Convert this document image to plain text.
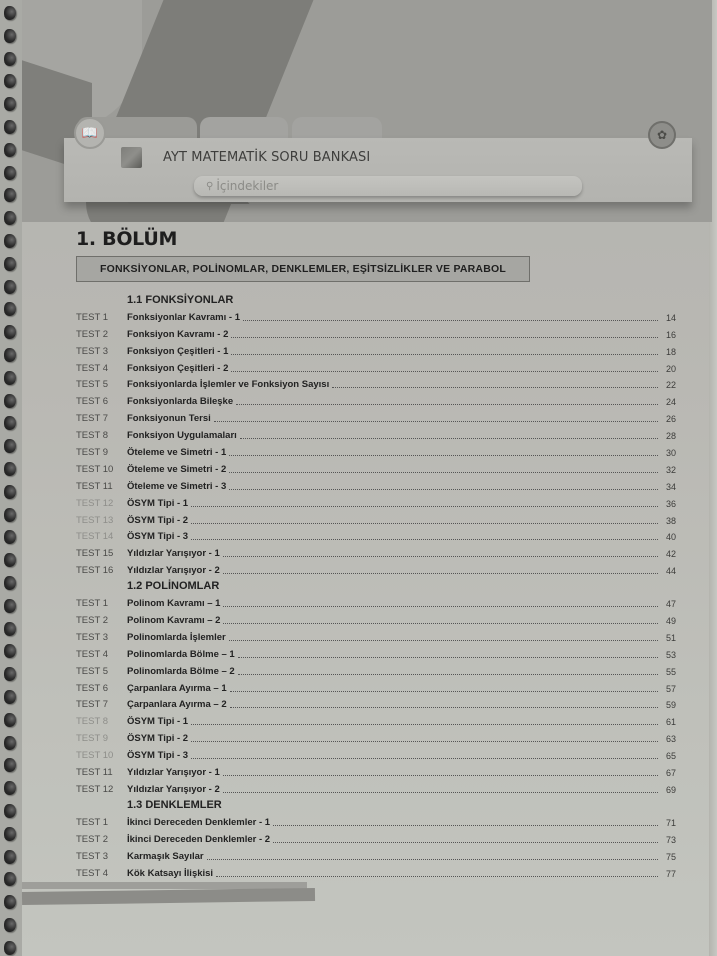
📖	✿
AYT MATEMATİK SORU BANKASI
⚲ İçindekiler
1. BÖLÜM
FONKSİYONLAR, POLİNOMLAR, DENKLEMLER, EŞİTSİZLİKLER VE PARABOL
1.1 FONKSİYONLAR
TEST 1	Fonksiyonlar Kavramı - 1	14
TEST 2	Fonksiyon Kavramı - 2	16
TEST 3	Fonksiyon Çeşitleri - 1	18
TEST 4	Fonksiyon Çeşitleri - 2	20
TEST 5	Fonksiyonlarda İşlemler ve Fonksiyon Sayısı	22
TEST 6	Fonksiyonlarda Bileşke	24
TEST 7	Fonksiyonun Tersi	26
TEST 8	Fonksiyon Uygulamaları	28
TEST 9	Öteleme ve Simetri - 1	30
TEST 10	Öteleme ve Simetri - 2	32
TEST 11	Öteleme ve Simetri - 3	34
TEST 12	ÖSYM Tipi - 1	36
TEST 13	ÖSYM Tipi - 2	38
TEST 14	ÖSYM Tipi - 3	40
TEST 15	Yıldızlar Yarışıyor - 1	42
TEST 16	Yıldızlar Yarışıyor - 2	44
1.2 POLİNOMLAR
TEST 1	Polinom Kavramı – 1	47
TEST 2	Polinom Kavramı – 2	49
TEST 3	Polinomlarda İşlemler	51
TEST 4	Polinomlarda Bölme – 1	53
TEST 5	Polinomlarda Bölme – 2	55
TEST 6	Çarpanlara Ayırma – 1	57
TEST 7	Çarpanlara Ayırma – 2	59
TEST 8	ÖSYM Tipi - 1	61
TEST 9	ÖSYM Tipi - 2	63
TEST 10	ÖSYM Tipi - 3	65
TEST 11	Yıldızlar Yarışıyor - 1	67
TEST 12	Yıldızlar Yarışıyor - 2	69
1.3 DENKLEMLER
TEST 1	İkinci Dereceden Denklemler - 1	71
TEST 2	İkinci Dereceden Denklemler - 2	73
TEST 3	Karmaşık Sayılar	75
TEST 4	Kök Katsayı İlişkisi	77
